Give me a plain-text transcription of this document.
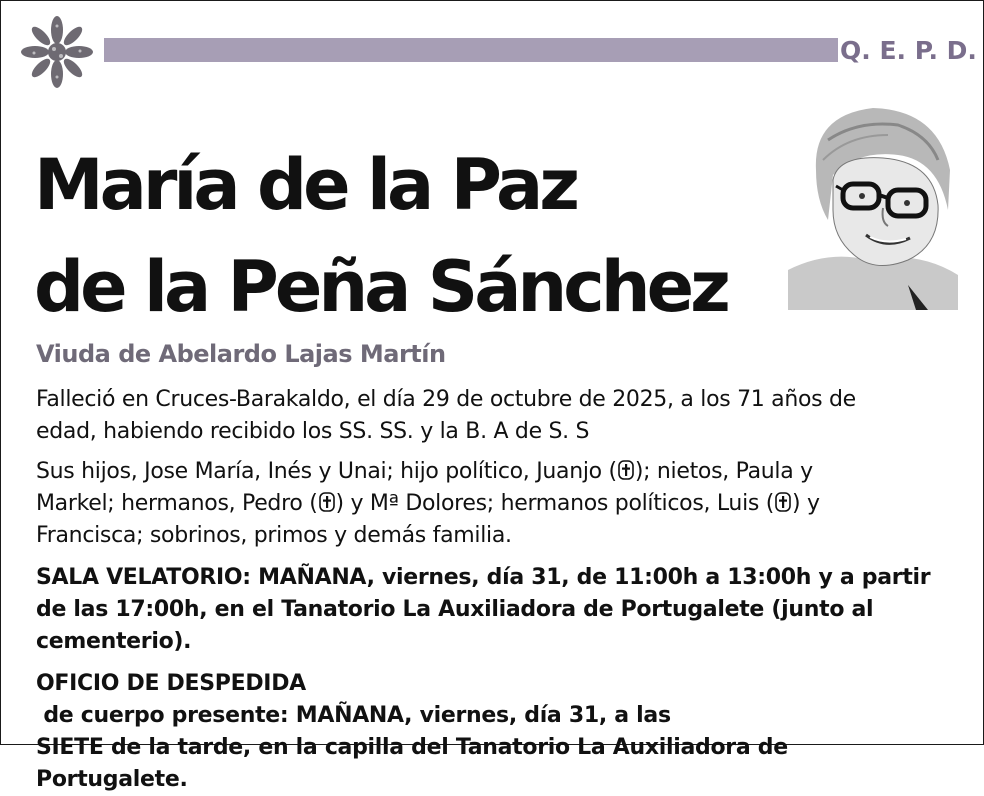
Q. E. P. D.
María de la Paz
de la Peña Sánchez
Viuda de Abelardo Lajas Martín
Falleció en Cruces-Barakaldo, el día 29 de octubre de 2025, a los 71 años de
edad, habiendo recibido los SS. SS. y la B. A de S. S
Sus hijos, Jose María, Inés y Unai; hijo político, Juanjo ( ); nietos, Paula y
Markel; hermanos, Pedro ( ) y Mª Dolores; hermanos políticos, Luis ( ) y
Francisca; sobrinos, primos y demás familia.
SALA VELATORIO: MAÑANA, viernes, día 31, de 11:00h a 13:00h y a partir
de las 17:00h, en el Tanatorio La Auxiliadora de Portugalete (junto al
cementerio).
OFICIO DE DESPEDIDA de cuerpo presente: MAÑANA, viernes, día 31, a las
SIETE de la tarde, en la capilla del Tanatorio La Auxiliadora de Portugalete.
